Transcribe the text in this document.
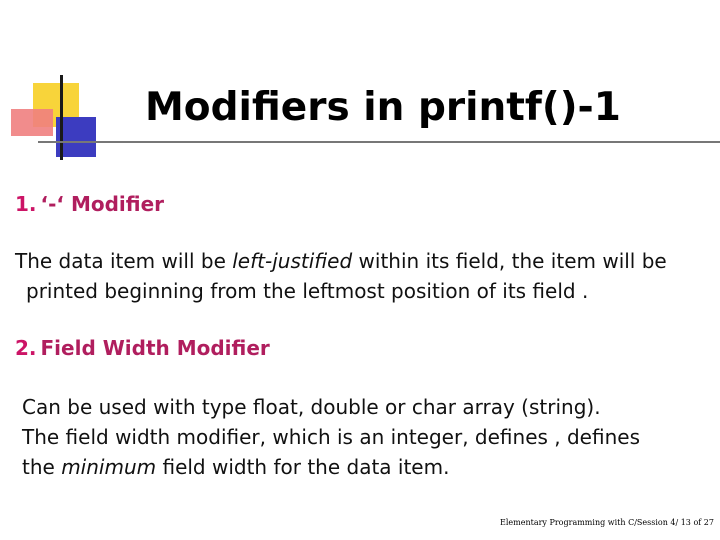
Modifiers in printf()-1
1. ‘-‘ Modifier

The data item will be left-justified within its field, the item will be
printed beginning from the leftmost position of its field .

2. Field Width Modifier

Can be used with type float, double or char array (string).
The field width modifier, which is an integer, defines , defines
the minimum field width for the data item.

Elementary Programming with C/Session 4/ 13 of 27
